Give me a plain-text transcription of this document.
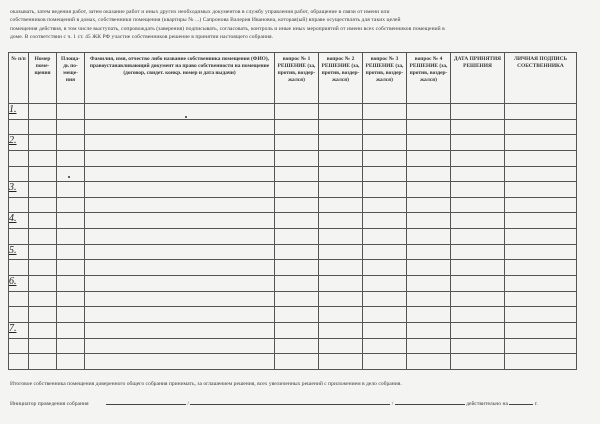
оказывать, затем ведения работ, затем оказание работ и иных других необходимых документов в службу управления работ, обращение в связи от имени или
собственников помещений в домах, собственники помещения (квартиры № ...) Сапронова Валерия Ивановна, которая(ый) вправе осуществлять для таких целей
помещения действия, в том числе выступать, сопровождать (заверения) подписывать, согласовать, контроль и иные иных мероприятий от имени всех собственников помещений в
доме. В соответствии с ч. 1 ст. 45 ЖК РФ участие собственников решение в принятии настоящего собрания.
№ п/п	Номер поме-щения	Площа-дь по-меще-ния	Фамилия, имя, отчество либо название собственника помещения (ФИО), правоустанавливающий документ на право собственности на помещение (договор, свидет. конкр. номер и дата выдачи)	вопрос № 1 РЕШЕНИЕ (за, против, воздер-жался)	вопрос № 2 РЕШЕНИЕ (за, против, воздер-жался)	вопрос № 3 РЕШЕНИЕ (за, против, воздер-жался)	вопрос № 4 РЕШЕНИЕ (за, против, воздер-жался)	ДАТА ПРИНЯТИЯ РЕШЕНИЯ	ЛИЧНАЯ ПОДПИСЬ СОБСТВЕННИКА

1.									

2.									

3.									

4.									

5.									

6.									

7.									

Итоговое собственника помещения доверенного общего собрания принимать, за оглашением решения, всех увеличенных решений с приложением в дело собрания.
Инициатор проведения собрания	/	/	действительно на	г.
